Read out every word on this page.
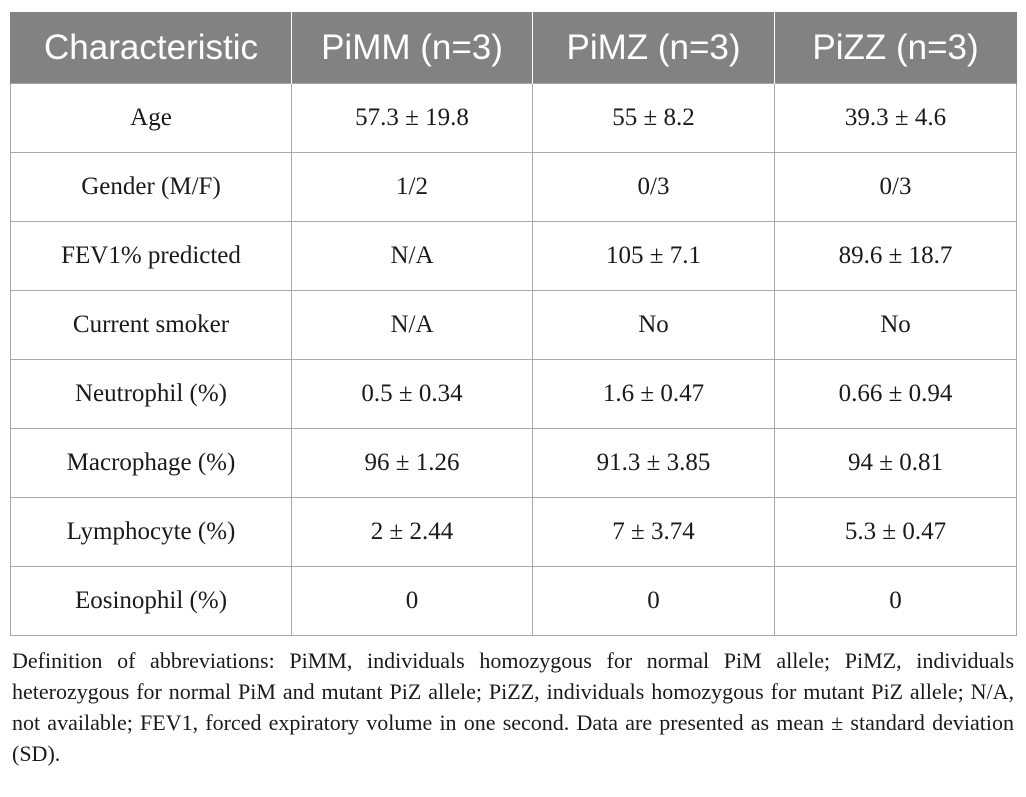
Characteristic	PiMM (n=3)	PiMZ (n=3)	PiZZ (n=3)
Age	57.3 ± 19.8	55 ± 8.2	39.3 ± 4.6
Gender (M/F)	1/2	0/3	0/3
FEV1% predicted	N/A	105 ± 7.1	89.6 ± 18.7
Current smoker	N/A	No	No
Neutrophil (%)	0.5 ± 0.34	1.6 ± 0.47	0.66 ± 0.94
Macrophage (%)	96 ± 1.26	91.3 ± 3.85	94 ± 0.81
Lymphocyte (%)	2 ± 2.44	7 ± 3.74	5.3 ± 0.47
Eosinophil (%)	0	0	0

Definition of abbreviations: PiMM, individuals homozygous for normal PiM allele; PiMZ, individuals heterozygous for normal PiM and mutant PiZ allele; PiZZ, individuals homozygous for mutant PiZ allele; N/A, not available; FEV1, forced expiratory volume in one second. Data are presented as mean ± standard deviation (SD).
